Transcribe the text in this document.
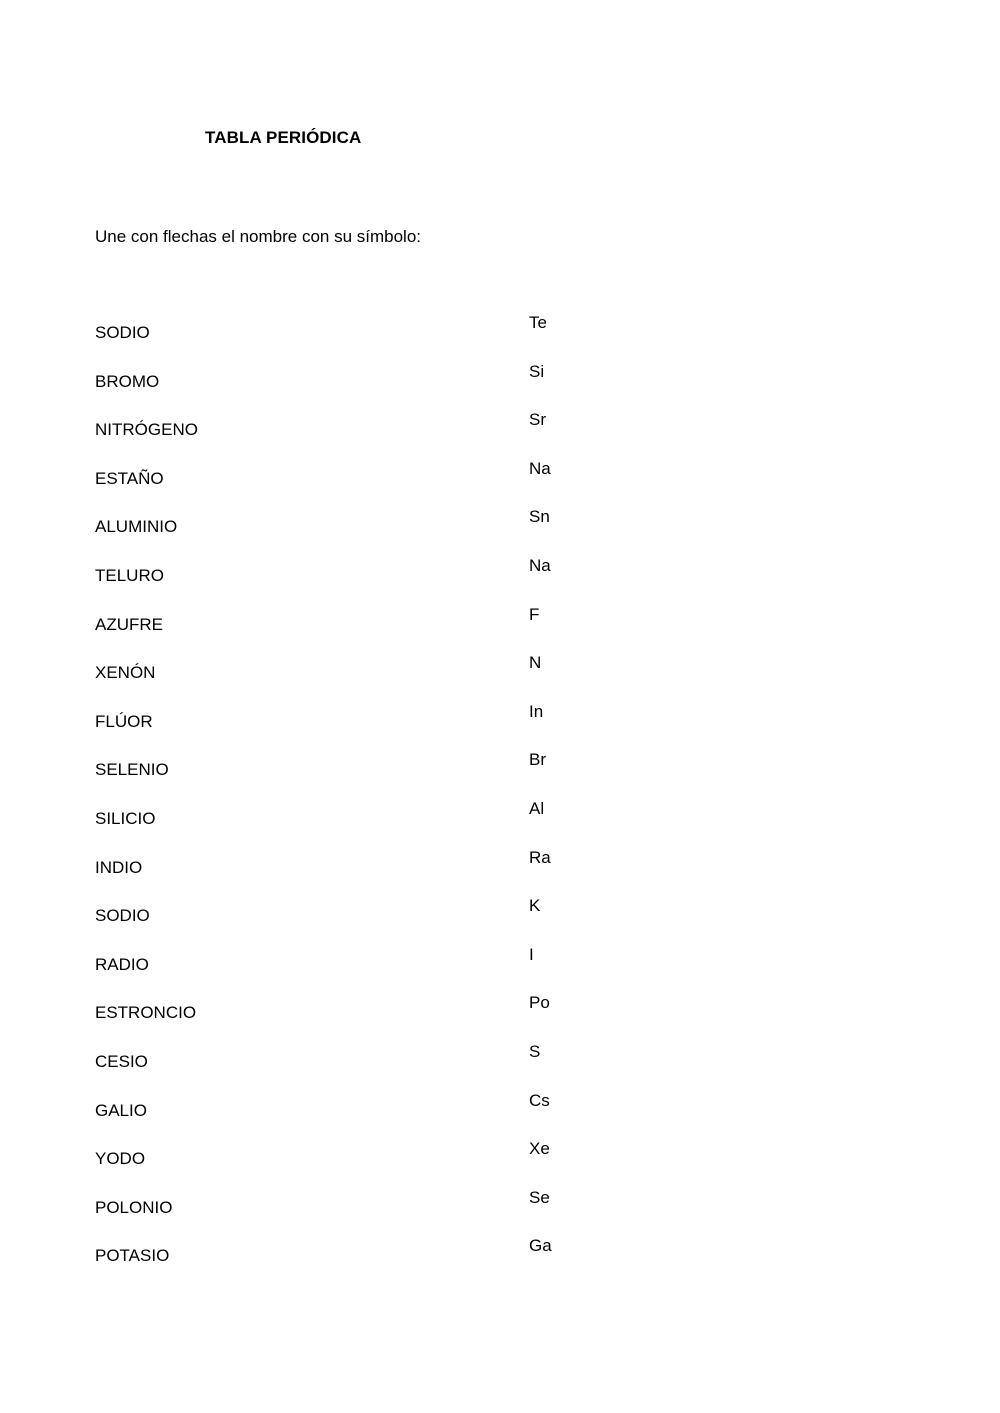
TABLA PERIÓDICA
Une con flechas el nombre con su símbolo:
SODIO
BROMO
NITRÓGENO
ESTAÑO
ALUMINIO
TELURO
AZUFRE
XENÓN
FLÚOR
SELENIO
SILICIO
INDIO
SODIO
RADIO
ESTRONCIO
CESIO
GALIO
YODO
POLONIO
POTASIO
Te
Si
Sr
Na
Sn
Na
F
N
In
Br
Al
Ra
K
I
Po
S
Cs
Xe
Se
Ga
